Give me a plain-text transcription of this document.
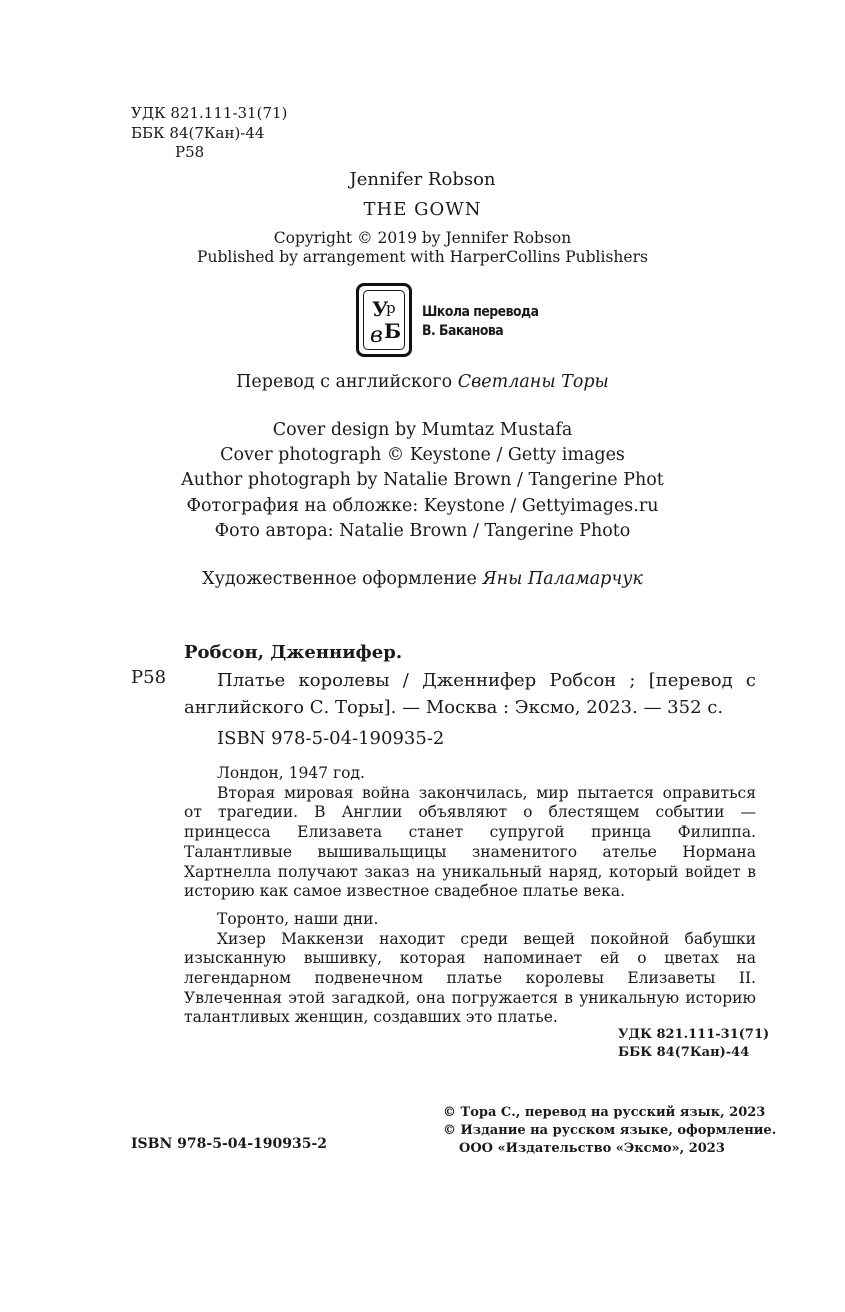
УДК 821.111-31(71)
ББК 84(7Кан)-44
Р58
Jennifer Robson
THE GOWN
Copyright © 2019 by Jennifer Robson
Published by arrangement with HarperCollins Publishers
У
р
в Б
Школа перевода
В. Баканова
Перевод с английского Светланы Торы
Cover design by Mumtaz Mustafa
Cover photograph © Keystone / Getty images
Author photograph by Natalie Brown / Tangerine Phot
Фотография на обложке: Keystone / Gettyimages.ru
Фото автора: Natalie Brown / Tangerine Photo
Художественное оформление Яны Паламарчук
Робсон, Дженнифер.
Р58	Платье королевы / Дженнифер Робсон ; [перевод с английского С. Торы]. — Москва : Эксмо, 2023. — 352 с.
ISBN 978-5-04-190935-2

Лондон, 1947 год.

Вторая мировая война закончилась, мир пытается оправиться от трагедии. В Англии объявляют о блестящем событии — принцесса Елизавета станет супругой принца Филиппа. Талантливые вышивальщицы знаменитого ателье Нормана Хартнелла получают заказ на уникальный наряд, который войдет в историю как самое известное свадебное платье века.

Торонто, наши дни.

Хизер Маккензи находит среди вещей покойной бабушки изысканную вышивку, которая напоминает ей о цветах на легендарном подвенечном платье королевы Елизаветы II. Увлеченная этой загадкой, она погружается в уникальную историю талантливых женщин, создавших это платье.

УДК 821.111-31(71)
ББК 84(7Кан)-44
© Тора С., перевод на русский язык, 2023
© Издание на русском языке, оформление.
ООО «Издательство «Эксмо», 2023
ISBN 978-5-04-190935-2
